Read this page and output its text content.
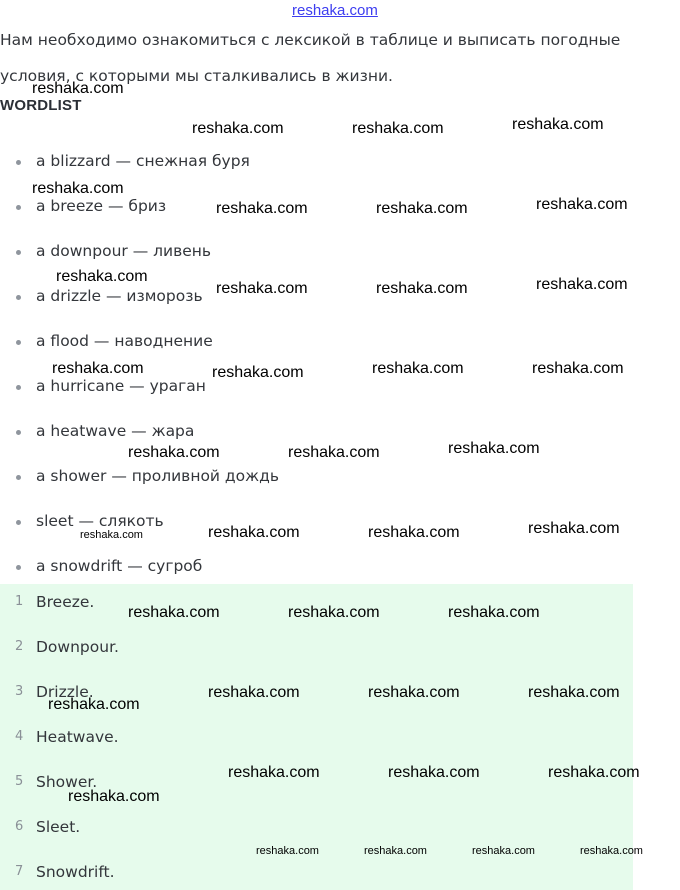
reshaka.com

Нам необходимо ознакомиться с лексикой в таблице и выписать погодные условия, с которыми мы сталкивались в жизни.

WORDLIST
a blizzard — снежная буря
a breeze — бриз
a downpour — ливень
a drizzle — изморозь
a flood — наводнение
a hurricane — ураган
a heatwave — жара
a shower — проливной дождь
sleet — слякоть
a snowdrift — сугроб
1 Breeze.
2 Downpour.
3 Drizzle.
4 Heatwave.
5 Shower.
6 Sleet.
7 Snowdrift.
reshaka.com
reshaka.com	reshaka.com	reshaka.com
reshaka.com
reshaka.com	reshaka.com	reshaka.com
reshaka.com
reshaka.com	reshaka.com	reshaka.com
reshaka.com	reshaka.com	reshaka.com	reshaka.com
reshaka.com	reshaka.com	reshaka.com
reshaka.com	reshaka.com	reshaka.com	reshaka.com
reshaka.com	reshaka.com	reshaka.com
reshaka.com	reshaka.com	reshaka.com
reshaka.com
reshaka.com	reshaka.com	reshaka.com
reshaka.com
reshaka.com	reshaka.com	reshaka.com	reshaka.com
